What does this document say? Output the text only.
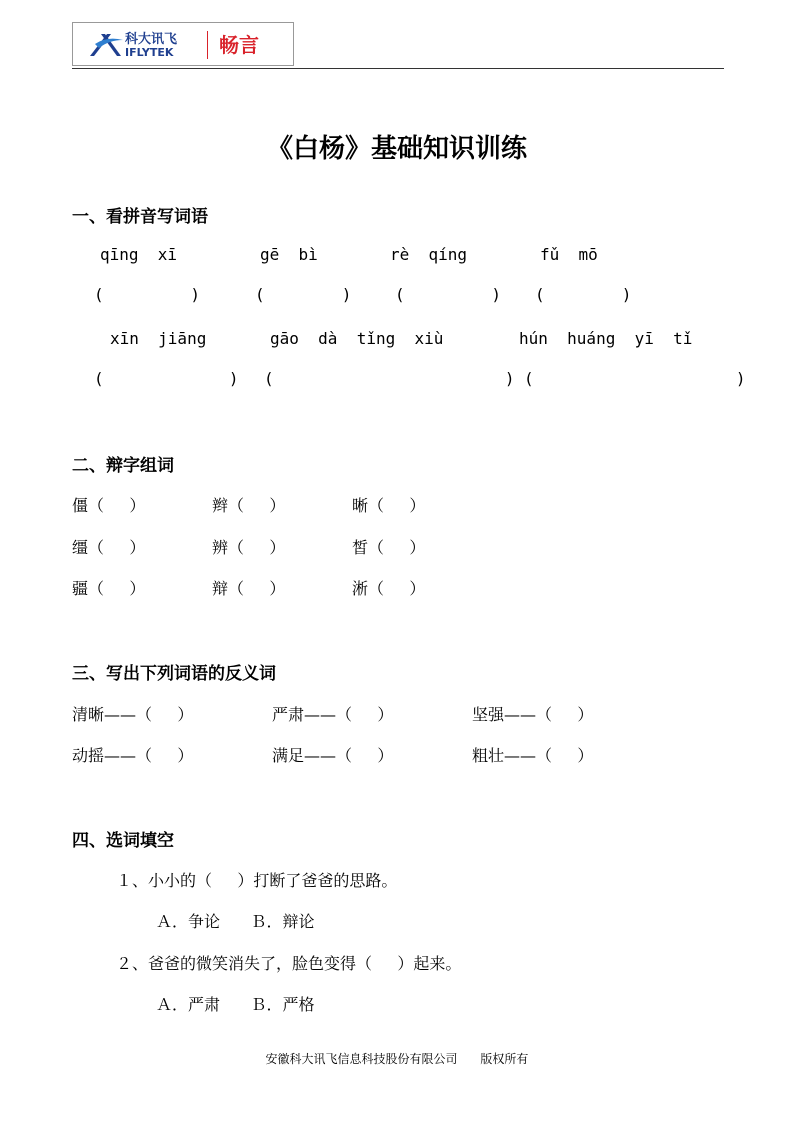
科大讯飞

IFLYTEK

畅言

《白杨》基础知识训练
一、看拼音写词语
qīng  xī	gē  bì	rè  qíng	fǔ  mō
(         )	(        )	(         ) (        )
xīn  jiāng	gāo  dà  tǐng  xiù	hún  huáng  yī  tǐ
(             ) (                        ) (                     )
二、辩字组词
僵（     ）	辫（     ）	晰（     ）
缰（     ）	辨（     ）	皙（     ）
疆（     ）	辩（     ）	淅（     ）
三、写出下列词语的反义词
清晰——（     ）	严肃——（     ）	坚强——（     ）
动摇——（     ）	满足——（     ）	粗壮——（     ）
四、选词填空
１、小小的（     ）打断了爸爸的思路。
Ａ．争论      Ｂ．辩论
２、爸爸的微笑消失了，脸色变得（     ）起来。
Ａ．严肃      Ｂ．严格
安徽科大讯飞信息科技股份有限公司      版权所有
